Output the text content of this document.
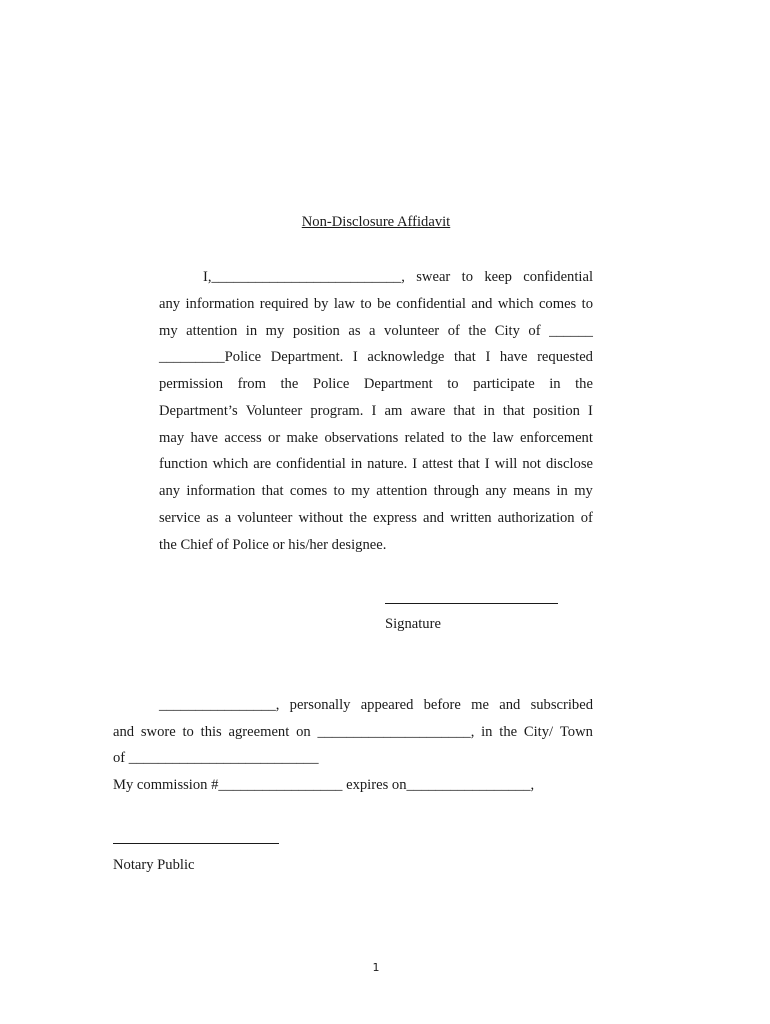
Non-Disclosure Affidavit
I,__________________________, swear to keep confidential
any information required by law to be confidential and which comes to
my attention in my position as a volunteer of the City of ______
_________Police Department. I acknowledge that I have requested
permission from the Police Department to participate in the
Department’s Volunteer program. I am aware that in that position I
may have access or make observations related to the law enforcement
function which are confidential in nature. I attest that I will not disclose
any information that comes to my attention through any means in my
service as a volunteer without the express and written authorization of
the Chief of Police or his/her designee.
Signature
________________, personally appeared before me and subscribed
and swore to this agreement on _____________________, in the City/ Town
of __________________________
My commission #_________________ expires on_________________,
Notary Public
1
